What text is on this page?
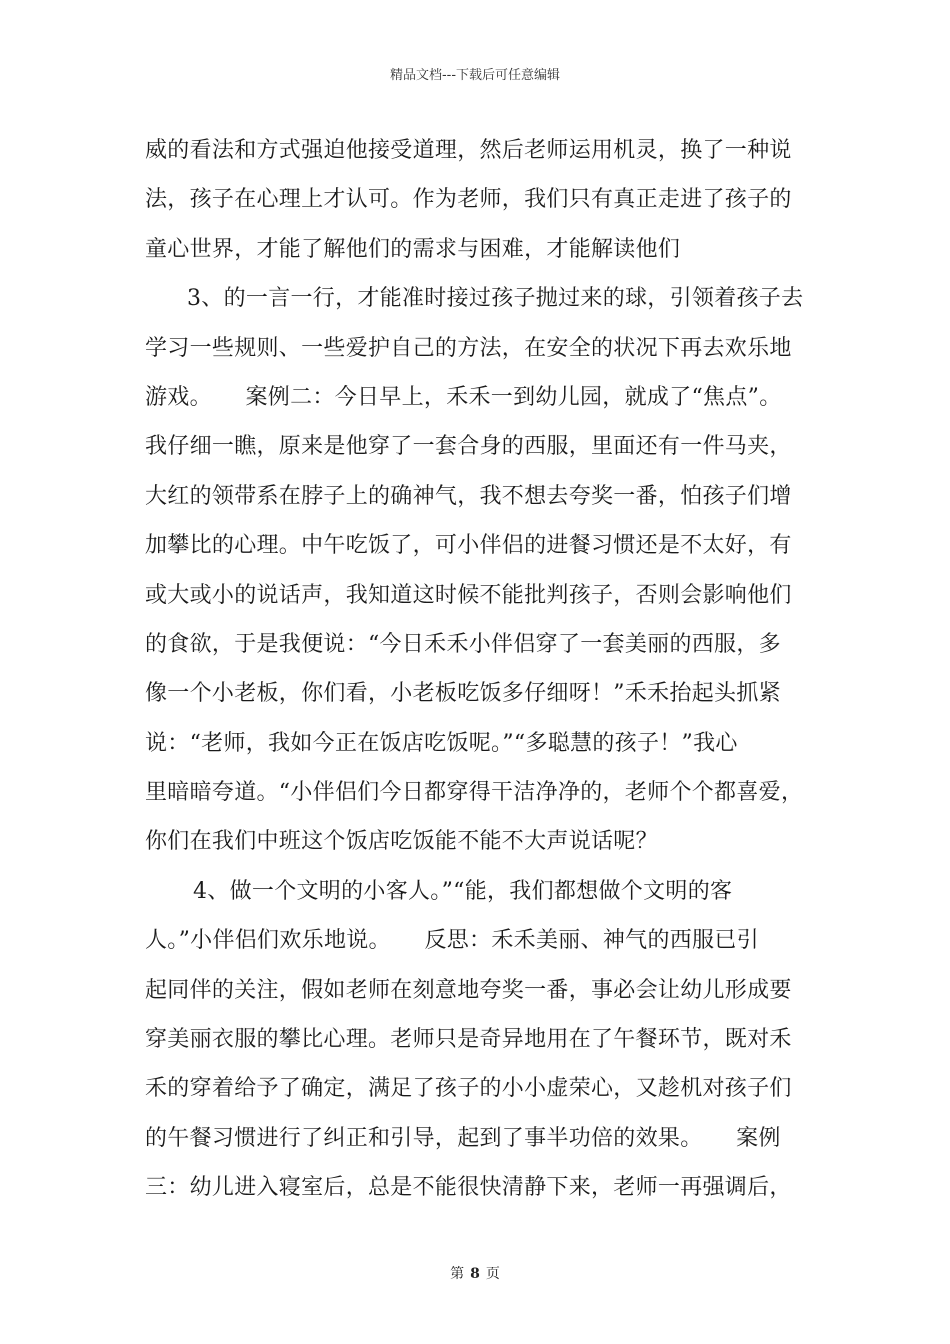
精品文档---下载后可任意编辑
威的看法和方式强迫他接受道理，然后老师运用机灵，换了一种说
法，孩子在心理上才认可。作为老师，我们只有真正走进了孩子的
童心世界，才能了解他们的需求与困难，才能解读他们
3、的一言一行，才能准时接过孩子抛过来的球，引领着孩子去
学习一些规则、一些爱护自己的方法，在安全的状况下再去欢乐地
游戏。　　案例二：今日早上，禾禾一到幼儿园，就成了“焦点”。
我仔细一瞧，原来是他穿了一套合身的西服，里面还有一件马夹，
大红的领带系在脖子上的确神气，我不想去夸奖一番，怕孩子们增
加攀比的心理。中午吃饭了，可小伴侣的进餐习惯还是不太好，有
或大或小的说话声，我知道这时候不能批判孩子，否则会影响他们
的食欲，于是我便说：“今日禾禾小伴侣穿了一套美丽的西服，多
像一个小老板，你们看，小老板吃饭多仔细呀！”禾禾抬起头抓紧
说：“老师，我如今正在饭店吃饭呢。”“多聪慧的孩子！”我心
里暗暗夸道。“小伴侣们今日都穿得干洁净净的，老师个个都喜爱，
你们在我们中班这个饭店吃饭能不能不大声说话呢？
4、做一个文明的小客人。”“能，我们都想做个文明的客
人。”小伴侣们欢乐地说。　　反思：禾禾美丽、神气的西服已引
起同伴的关注，假如老师在刻意地夸奖一番，事必会让幼儿形成要
穿美丽衣服的攀比心理。老师只是奇异地用在了午餐环节，既对禾
禾的穿着给予了确定，满足了孩子的小小虚荣心，又趁机对孩子们
的午餐习惯进行了纠正和引导，起到了事半功倍的效果。　　案例
三：幼儿进入寝室后，总是不能很快清静下来，老师一再强调后，
第 8 页
